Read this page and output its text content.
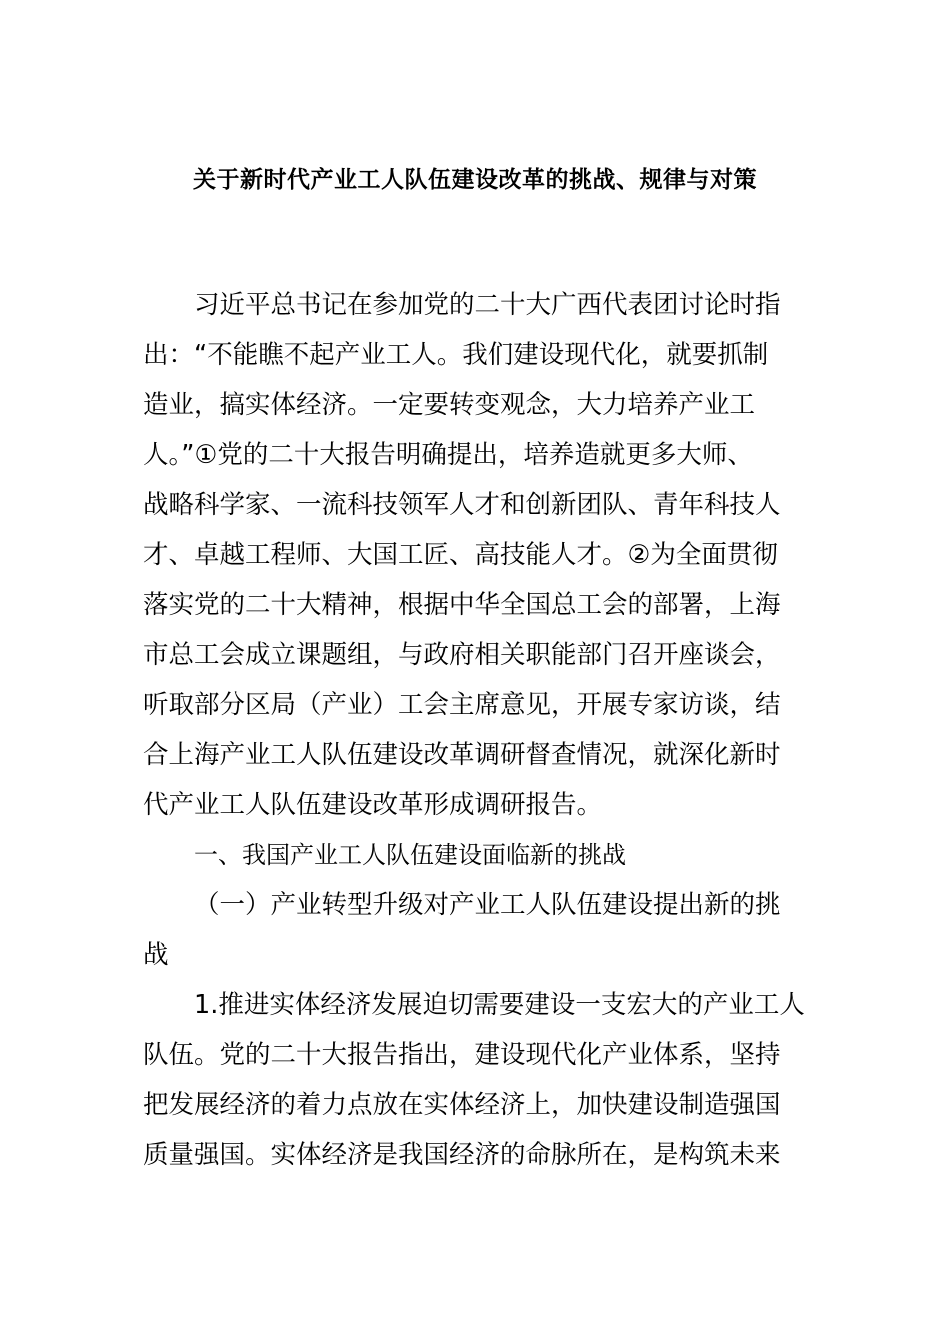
关于新时代产业工人队伍建设改革的挑战、规律与对策
习近平总书记在参加党的二十大广西代表团讨论时指
出：“不能瞧不起产业工人。我们建设现代化，就要抓制
造业，搞实体经济。一定要转变观念，大力培养产业工
人。”①党的二十大报告明确提出，培养造就更多大师、
战略科学家、一流科技领军人才和创新团队、青年科技人
才、卓越工程师、大国工匠、高技能人才。②为全面贯彻
落实党的二十大精神，根据中华全国总工会的部署，上海
市总工会成立课题组，与政府相关职能部门召开座谈会，
听取部分区局（产业）工会主席意见，开展专家访谈，结
合上海产业工人队伍建设改革调研督查情况，就深化新时
代产业工人队伍建设改革形成调研报告。
一、我国产业工人队伍建设面临新的挑战
（一）产业转型升级对产业工人队伍建设提出新的挑
战
1.推进实体经济发展迫切需要建设一支宏大的产业工人
队伍。党的二十大报告指出，建设现代化产业体系，坚持
把发展经济的着力点放在实体经济上，加快建设制造强国
质量强国。实体经济是我国经济的命脉所在，是构筑未来
